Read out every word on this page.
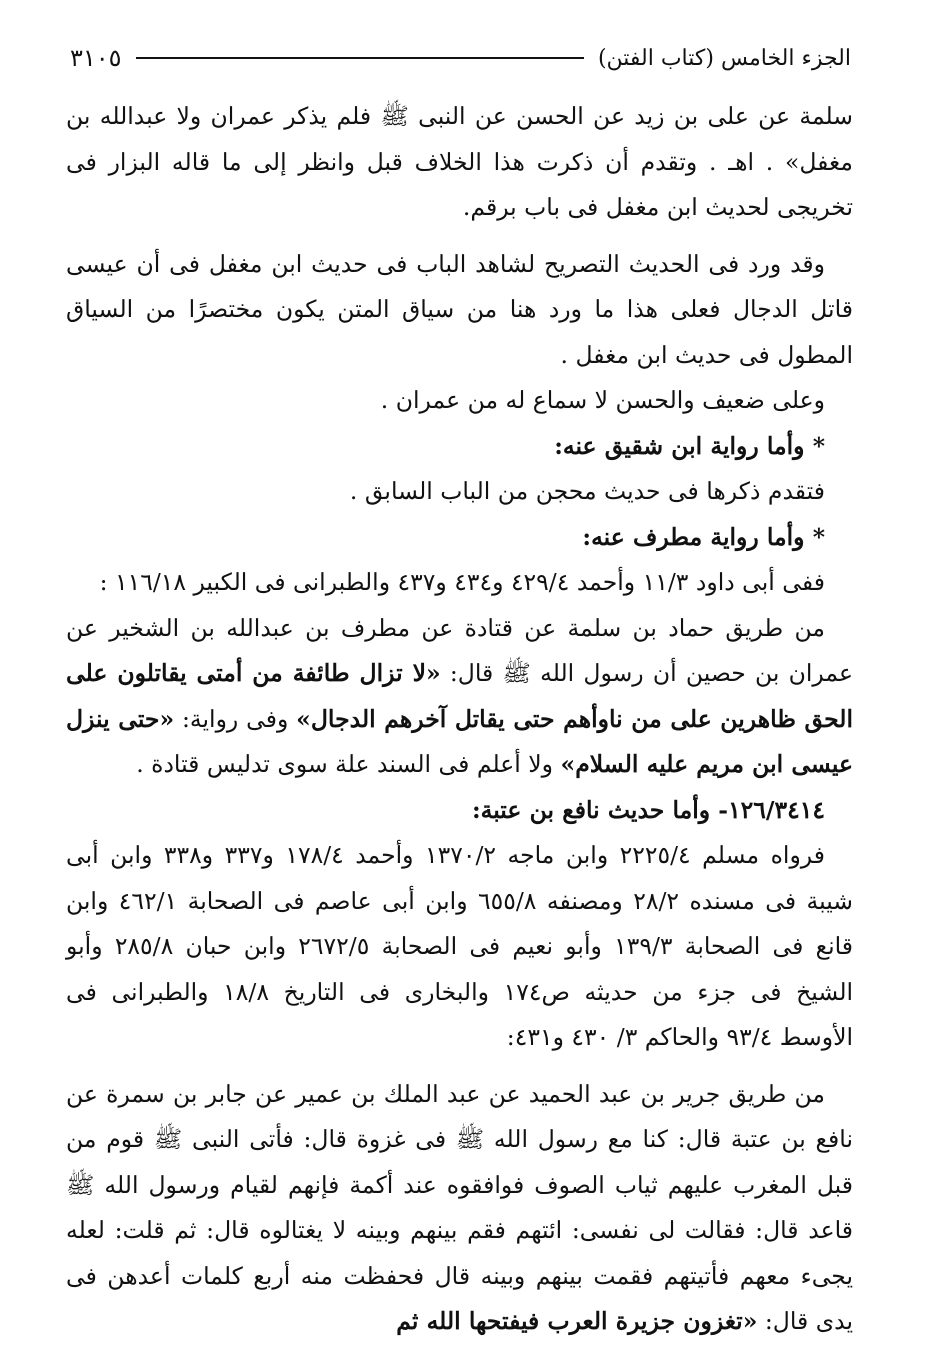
الجزء الخامس (كتاب الفتن)
٣١٠٥

سلمة عن على بن زيد عن الحسن عن النبى ﷺ فلم يذكر عمران ولا عبدالله بن مغفل» . اهـ . وتقدم أن ذكرت هذا الخلاف قبل وانظر إلى ما قاله البزار فى تخريجى لحديث ابن مغفل فى باب برقم.

وقد ورد فى الحديث التصريح لشاهد الباب فى حديث ابن مغفل فى أن عيسى قاتل الدجال فعلى هذا ما ورد هنا من سياق المتن يكون مختصرًا من السياق المطول فى حديث ابن مغفل .

وعلى ضعيف والحسن لا سماع له من عمران .

* وأما رواية ابن شقيق عنه:

فتقدم ذكرها فى حديث محجن من الباب السابق .

* وأما رواية مطرف عنه:

ففى أبى داود ١١/٣ وأحمد ٤٢٩/٤ و٤٣٤ و٤٣٧ والطبرانى فى الكبير ١١٦/١٨ :

من طريق حماد بن سلمة عن قتادة عن مطرف بن عبدالله بن الشخير عن عمران بن حصين أن رسول الله ﷺ قال: «لا تزال طائفة من أمتى يقاتلون على الحق ظاهرين على من ناوأهم حتى يقاتل آخرهم الدجال» وفى رواية: «حتى ينزل عيسى ابن مريم عليه السلام» ولا أعلم فى السند علة سوى تدليس قتادة .

١٢٦/٣٤١٤- وأما حديث نافع بن عتبة:

فرواه مسلم ٢٢٢٥/٤ وابن ماجه ١٣٧٠/٢ وأحمد ١٧٨/٤ و٣٣٧ و٣٣٨ وابن أبى شيبة فى مسنده ٢٨/٢ ومصنفه ٦٥٥/٨ وابن أبى عاصم فى الصحابة ٤٦٢/١ وابن قانع فى الصحابة ١٣٩/٣ وأبو نعيم فى الصحابة ٢٦٧٢/٥ وابن حبان ٢٨٥/٨ وأبو الشيخ فى جزء من حديثه ص١٧٤ والبخارى فى التاريخ ١٨/٨ والطبرانى فى الأوسط ٩٣/٤ والحاكم ٣/ ٤٣٠ و٤٣١:

من طريق جرير بن عبد الحميد عن عبد الملك بن عمير عن جابر بن سمرة عن نافع بن عتبة قال: كنا مع رسول الله ﷺ فى غزوة قال: فأتى النبى ﷺ قوم من قبل المغرب عليهم ثياب الصوف فوافقوه عند أكمة فإنهم لقيام ورسول الله ﷺ قاعد قال: فقالت لى نفسى: ائتهم فقم بينهم وبينه لا يغتالوه قال: ثم قلت: لعله يجىء معهم فأتيتهم فقمت بينهم وبينه قال فحفظت منه أربع كلمات أعدهن فى يدى قال: «تغزون جزيرة العرب فيفتحها الله ثم
